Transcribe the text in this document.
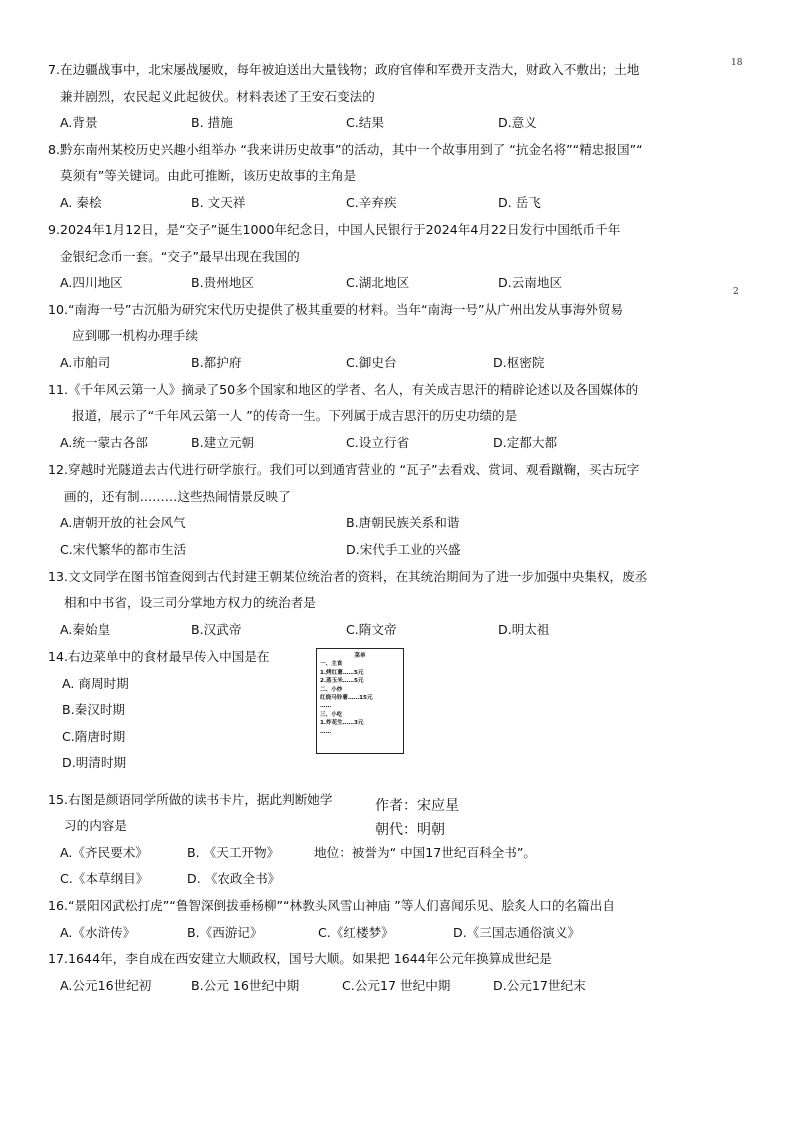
18
2
7.在边疆战事中，北宋屡战屡败，每年被迫送出大量钱物；政府官俸和军费开支浩大，财政入不敷出；土地
兼并剧烈，农民起义此起彼伏。材料表述了王安石变法的
A.背景	B. 措施	C.结果	D.意义
8.黔东南州某校历史兴趣小组举办 “我来讲历史故事”的活动，其中一个故事用到了 “抗金名将”“精忠报国”“
莫须有”等关键词。由此可推断，该历史故事的主角是
A. 秦桧	B. 文天祥	C.辛弃疾	D. 岳飞
9.2024年1月12日，是“交子”诞生1000年纪念日，中国人民银行于2024年4月22日发行中国纸币千年
金银纪念币一套。“交子”最早出现在我国的
A.四川地区	B.贵州地区	C.湖北地区	D.云南地区
10.“南海一号”古沉船为研究宋代历史提供了极其重要的材料。当年“南海一号”从广州出发从事海外贸易
应到哪一机构办理手续
A.市舶司	B.都护府	C.御史台	D.枢密院
11.《千年风云第一人》摘录了50多个国家和地区的学者、名人，有关成吉思汗的精辟论述以及各国媒体的
报道，展示了“千年风云第一人 ”的传奇一生。下列属于成吉思汗的历史功绩的是
A.统一蒙古各部	B.建立元朝	C.设立行省	D.定都大都
12.穿越时光隧道去古代进行研学旅行。我们可以到通宵营业的 “瓦子”去看戏、赏词、观看蹴鞠，买古玩字
画的，还有制………这些热闹情景反映了
A.唐朝开放的社会风气	B.唐朝民族关系和谐
C.宋代繁华的都市生活	D.宋代手工业的兴盛
13.文文同学在图书馆查阅到古代封建王朝某位统治者的资料，在其统治期间为了进一步加强中央集权，废丞
相和中书省，设三司分掌地方权力的统治者是
A.秦始皇	B.汉武帝	C.隋文帝	D.明太祖
14.右边菜单中的食材最早传入中国是在
A. 商周时期
B.秦汉时期
C.隋唐时期
D.明清时期
菜单
一、主食
1.烤红薯……5元
2.蒸玉米……5元
二、小炒
红烧马铃薯……15元
……
三、小吃
1.炸花生……3元
……
15.右图是颜语同学所做的读书卡片，据此判断她学
习的内容是
作者：宋应星
朝代：明朝
A.《齐民要术》	B. 《天工开物》	地位：被誉为“ 中国17世纪百科全书”。
C.《本草纲目》	D. 《农政全书》
16.“景阳冈武松打虎”“鲁智深倒拔垂杨柳”“林教头风雪山神庙 ”等人们喜闻乐见、脍炙人口的名篇出自
A.《水浒传》	B.《西游记》	C.《红楼梦》	D.《三国志通俗演义》
17.1644年，李自成在西安建立大顺政权，国号大顺。如果把 1644年公元年换算成世纪是
A.公元16世纪初	B.公元 16世纪中期	C.公元17 世纪中期	D.公元17世纪末
